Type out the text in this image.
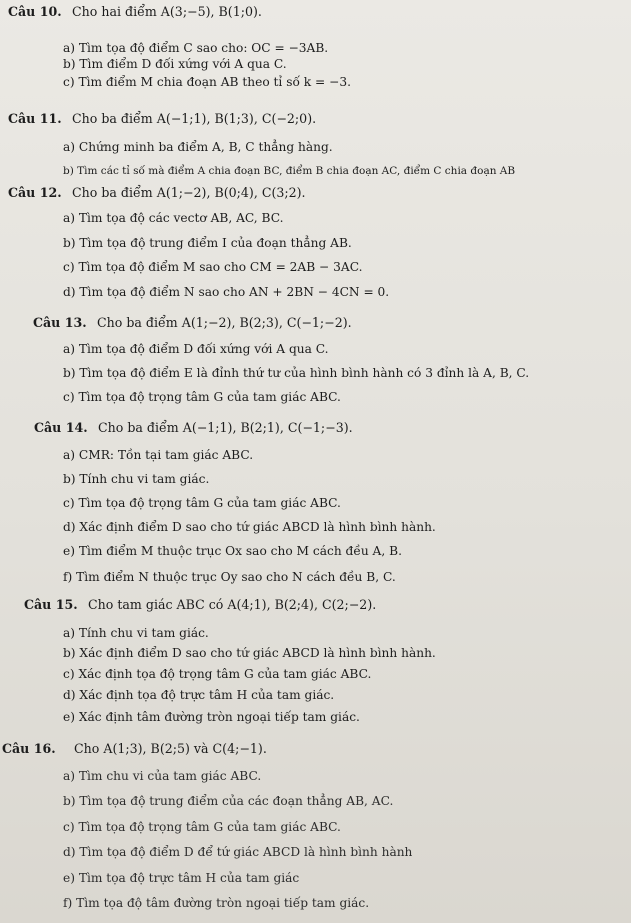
Câu 10. Cho hai điểm A(3;−5), B(1;0).
a) Tìm tọa độ điểm C sao cho: OC = −3AB.
b) Tìm điểm D đối xứng với A qua C.
c) Tìm điểm M chia đoạn AB theo tỉ số k = −3.
Câu 11. Cho ba điểm A(−1;1), B(1;3), C(−2;0).
a) Chứng minh ba điểm A, B, C thẳng hàng.
b) Tìm các tỉ số mà điểm A chia đoạn BC, điểm B chia đoạn AC, điểm C chia đoạn AB
Câu 12. Cho ba điểm A(1;−2), B(0;4), C(3;2).
a) Tìm tọa độ các vectơ AB, AC, BC.
b) Tìm tọa độ trung điểm I của đoạn thẳng AB.
c) Tìm tọa độ điểm M sao cho CM = 2AB − 3AC.
d) Tìm tọa độ điểm N sao cho AN + 2BN − 4CN = 0.
Câu 13. Cho ba điểm A(1;−2), B(2;3), C(−1;−2).
a) Tìm tọa độ điểm D đối xứng với A qua C.
b) Tìm tọa độ điểm E là đỉnh thứ tư của hình bình hành có 3 đỉnh là A, B, C.
c) Tìm tọa độ trọng tâm G của tam giác ABC.
Câu 14. Cho ba điểm A(−1;1), B(2;1), C(−1;−3).
a) CMR: Tồn tại tam giác ABC.
b) Tính chu vi tam giác.
c) Tìm tọa độ trọng tâm G của tam giác ABC.
d) Xác định điểm D sao cho tứ giác ABCD là hình bình hành.
e) Tìm điểm M thuộc trục Ox sao cho M cách đều A, B.
f) Tìm điểm N thuộc trục Oy sao cho N cách đều B, C.
Câu 15. Cho tam giác ABC có A(4;1), B(2;4), C(2;−2).
a) Tính chu vi tam giác.
b) Xác định điểm D sao cho tứ giác ABCD là hình bình hành.
c) Xác định tọa độ trọng tâm G của tam giác ABC.
d) Xác định tọa độ trực tâm H của tam giác.
e) Xác định tâm đường tròn ngoại tiếp tam giác.
Câu 16. Cho A(1;3), B(2;5) và C(4;−1).
a) Tìm chu vi của tam giác ABC.
b) Tìm tọa độ trung điểm của các đoạn thẳng AB, AC.
c) Tìm tọa độ trọng tâm G của tam giác ABC.
d) Tìm tọa độ điểm D để tứ giác ABCD là hình bình hành
e) Tìm tọa độ trực tâm H của tam giác
f) Tìm tọa độ tâm đường tròn ngoại tiếp tam giác.
